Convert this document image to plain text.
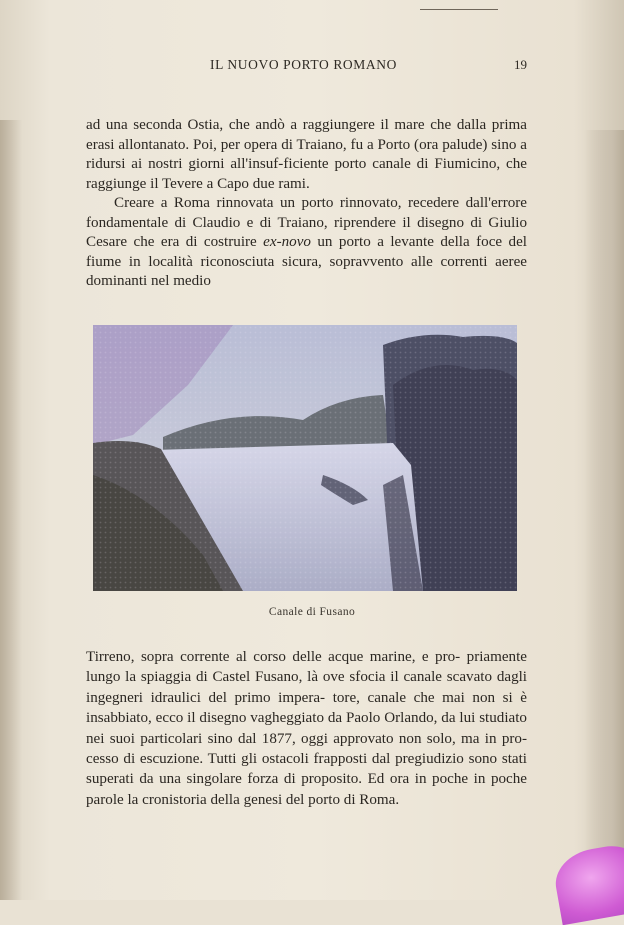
IL NUOVO PORTO ROMANO	19

ad una seconda Ostia, che andò a raggiungere il mare che dalla prima erasi allontanato. Poi, per opera di Traiano, fu a Porto (ora palude) sino a ridursi ai nostri giorni all'insuf-ficiente porto canale di Fiumicino, che raggiunge il Tevere a Capo due rami.

Creare a Roma rinnovata un porto rinnovato, recedere dall'errore fondamentale di Claudio e di Traiano, riprendere il disegno di Giulio Cesare che era di costruire ex-novo un porto a levante della foce del fiume in località riconosciuta sicura, sopravvento alle correnti aeree dominanti nel medio

Canale di Fusano

Tirreno, sopra corrente al corso delle acque marine, e pro- priamente lungo la spiaggia di Castel Fusano, là ove sfocia il canale scavato dagli ingegneri idraulici del primo impera- tore, canale che mai non si è insabbiato, ecco il disegno vagheggiato da Paolo Orlando, da lui studiato nei suoi particolari sino dal 1877, oggi approvato non solo, ma in pro- cesso di escuzione. Tutti gli ostacoli frapposti dal pregiudizio sono stati superati da una singolare forza di proposito. Ed ora in poche in poche parole la cronistoria della genesi del porto di Roma.
